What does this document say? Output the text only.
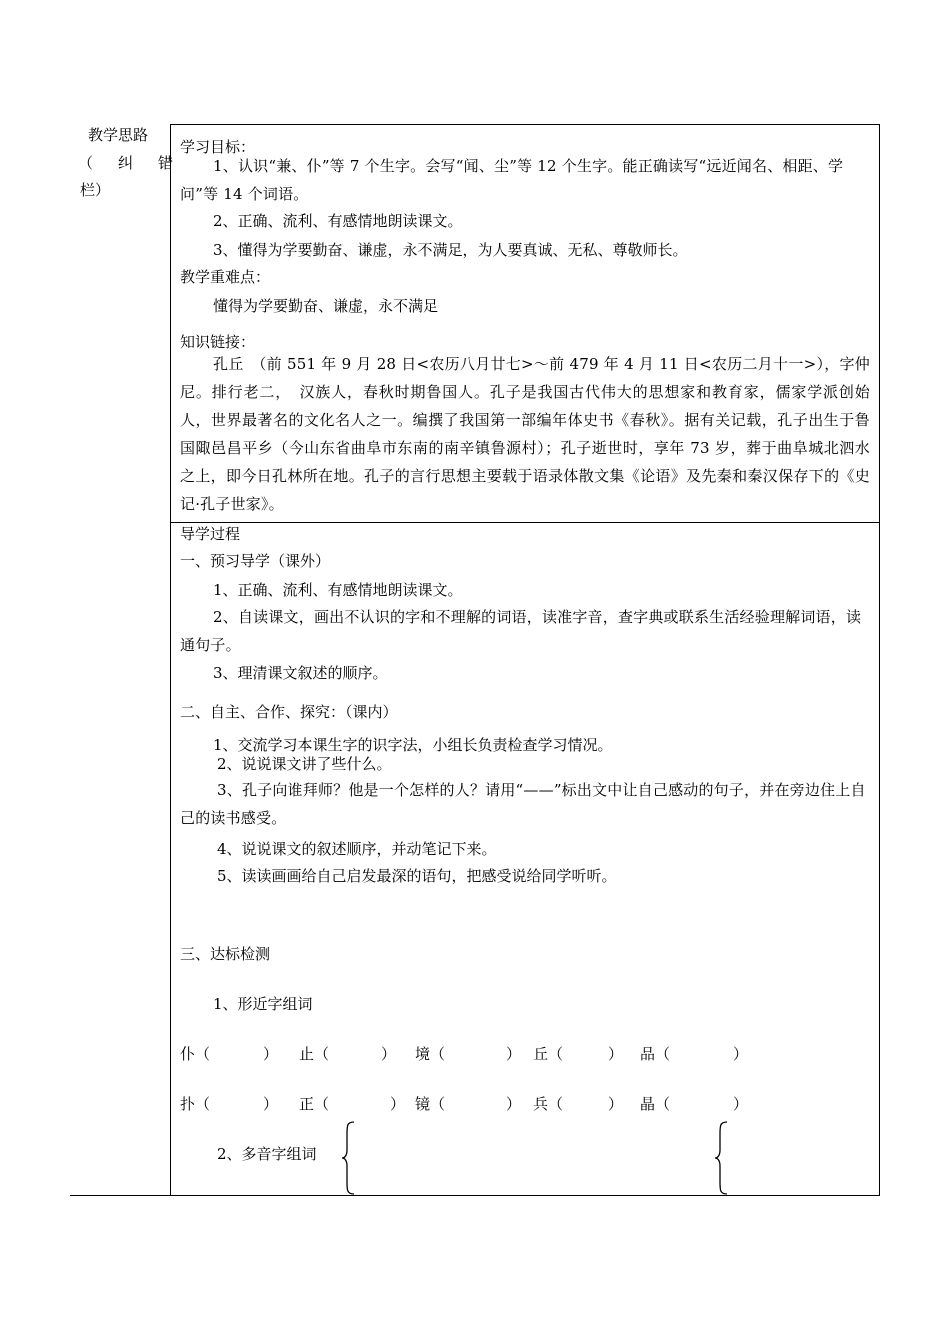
教学思路
（　纠　错
栏）
学习目标：
1、认识“兼、仆”等 7 个生字。会写“闻、尘”等 12 个生字。能正确读写“远近闻名、相距、学问”等 14 个词语。
2、正确、流利、有感情地朗读课文。
3、懂得为学要勤奋、谦虚，永不满足，为人要真诚、无私、尊敬师长。
教学重难点：
懂得为学要勤奋、谦虚，永不满足
知识链接：
孔丘　（前 551 年 9 月 28 日<农历八月廿七>～前 479 年 4 月 11 日<农历二月十一>），字仲尼。排行老二，　汉族人，春秋时期鲁国人。孔子是我国古代伟大的思想家和教育家，儒家学派创始人，世界最著名的文化名人之一。编撰了我国第一部编年体史书《春秋》。据有关记载，孔子出生于鲁国陬邑昌平乡（今山东省曲阜市东南的南辛镇鲁源村）；孔子逝世时，享年 73 岁，葬于曲阜城北泗水之上，即今日孔林所在地。孔子的言行思想主要载于语录体散文集《论语》及先秦和秦汉保存下的《史记·孔子世家》。
导学过程
一、预习导学（课外）
1、正确、流利、有感情地朗读课文。
2、自读课文，画出不认识的字和不理解的词语，读准字音，查字典或联系生活经验理解词语，读通句子。
3、理清课文叙述的顺序。
二、自主、合作、探究：（课内）
1、交流学习本课生字的识字法，小组长负责检查学习情况。
2、说说课文讲了些什么。
3、孔子向谁拜师？他是一个怎样的人？请用“——”标出文中让自己感动的句子，并在旁边住上自己的读书感受。
4、说说课文的叙述顺序，并动笔记下来。
5、读读画画给自己启发最深的语句，把感受说给同学听听。
三、达标检测
1、形近字组词
仆（	） 止（	） 境（	） 丘（	） 品（	）
扑（	） 正（	） 镜（	） 兵（	） 晶（	）
2、多音字组词
